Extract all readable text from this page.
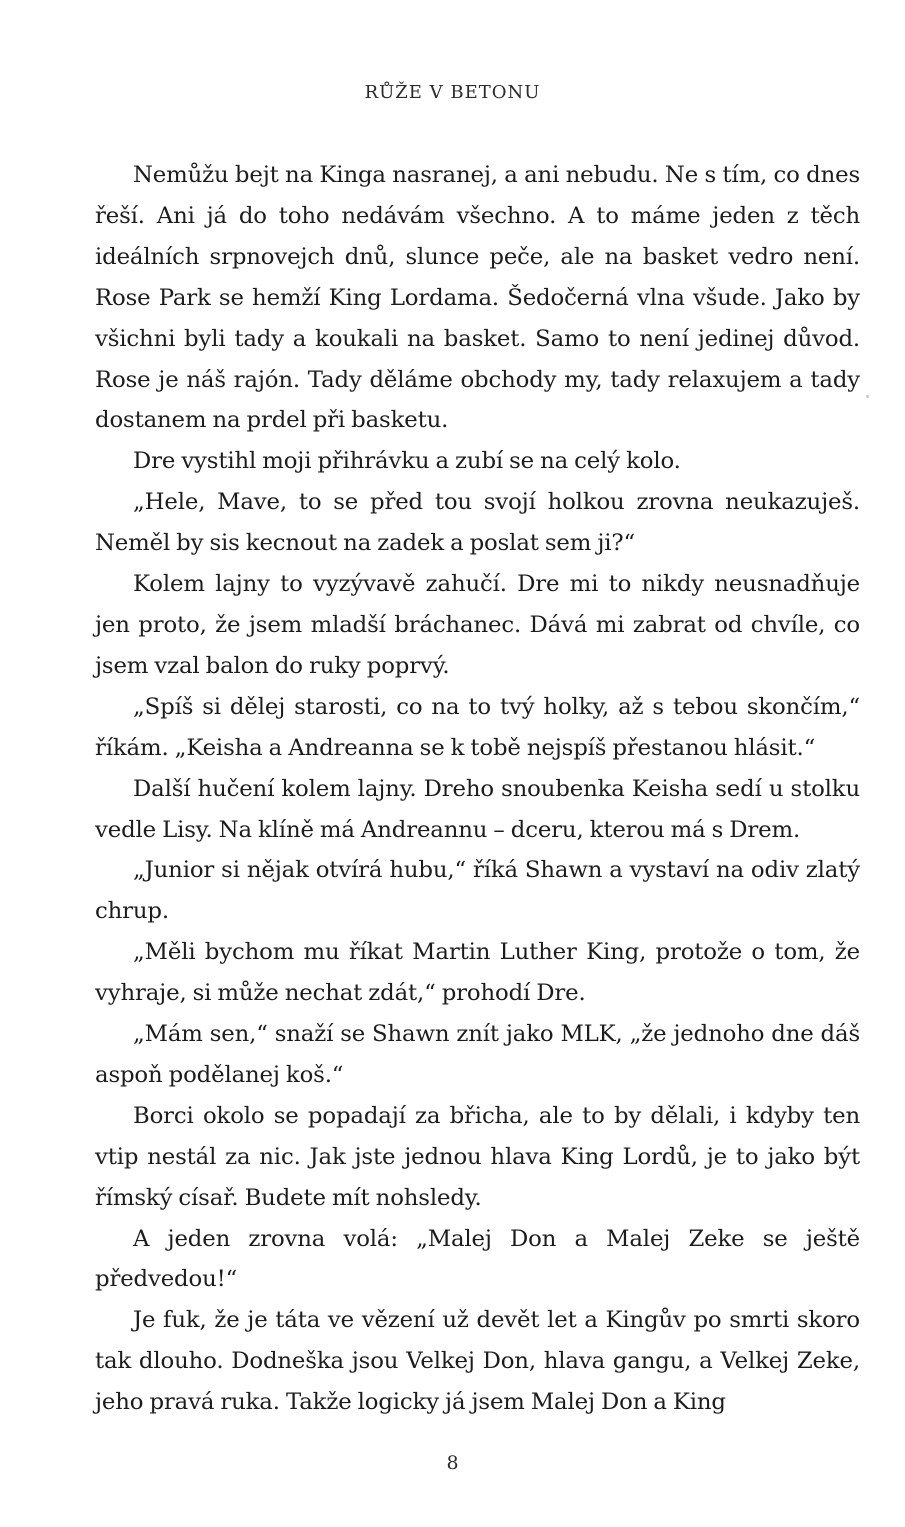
RŮŽE V BETONU

Nemůžu bejt na Kinga nasranej, a ani nebudu. Ne s tím, co dnes řeší. Ani já do toho nedávám všechno. A to máme jeden z těch ideálních srpnovejch dnů, slunce peče, ale na basket vedro není. Rose Park se hemží King Lordama. Šedočerná vlna všude. Jako by všichni byli tady a koukali na basket. Samo to není jedinej důvod. Rose je náš rajón. Tady děláme obchody my, tady relaxujem a tady dostanem na prdel při basketu.

Dre vystihl moji přihrávku a zubí se na celý kolo.

„Hele, Mave, to se před tou svojí holkou zrovna neukazuješ. Neměl by sis kecnout na zadek a poslat sem ji?“

Kolem lajny to vyzývavě zahučí. Dre mi to nikdy neusnadňuje jen proto, že jsem mladší bráchanec. Dává mi zabrat od chvíle, co jsem vzal balon do ruky poprvý.

„Spíš si dělej starosti, co na to tvý holky, až s tebou skončím,“ říkám. „Keisha a Andreanna se k tobě nejspíš přestanou hlásit.“

Další hučení kolem lajny. Dreho snoubenka Keisha sedí u stolku vedle Lisy. Na klíně má Andreannu – dceru, kterou má s Drem.

„Junior si nějak otvírá hubu,“ říká Shawn a vystaví na odiv zlatý chrup.

„Měli bychom mu říkat Martin Luther King, protože o tom, že vyhraje, si může nechat zdát,“ prohodí Dre.

„Mám sen,“ snaží se Shawn znít jako MLK, „že jednoho dne dáš aspoň podělanej koš.“

Borci okolo se popadají za břicha, ale to by dělali, i kdyby ten vtip nestál za nic. Jak jste jednou hlava King Lordů, je to jako být římský císař. Budete mít nohsledy.

A jeden zrovna volá: „Malej Don a Malej Zeke se ještě předvedou!“

Je fuk, že je táta ve vězení už devět let a Kingův po smrti skoro tak dlouho. Dodneška jsou Velkej Don, hlava gangu, a Velkej Zeke, jeho pravá ruka. Takže logicky já jsem Malej Don a King

8
